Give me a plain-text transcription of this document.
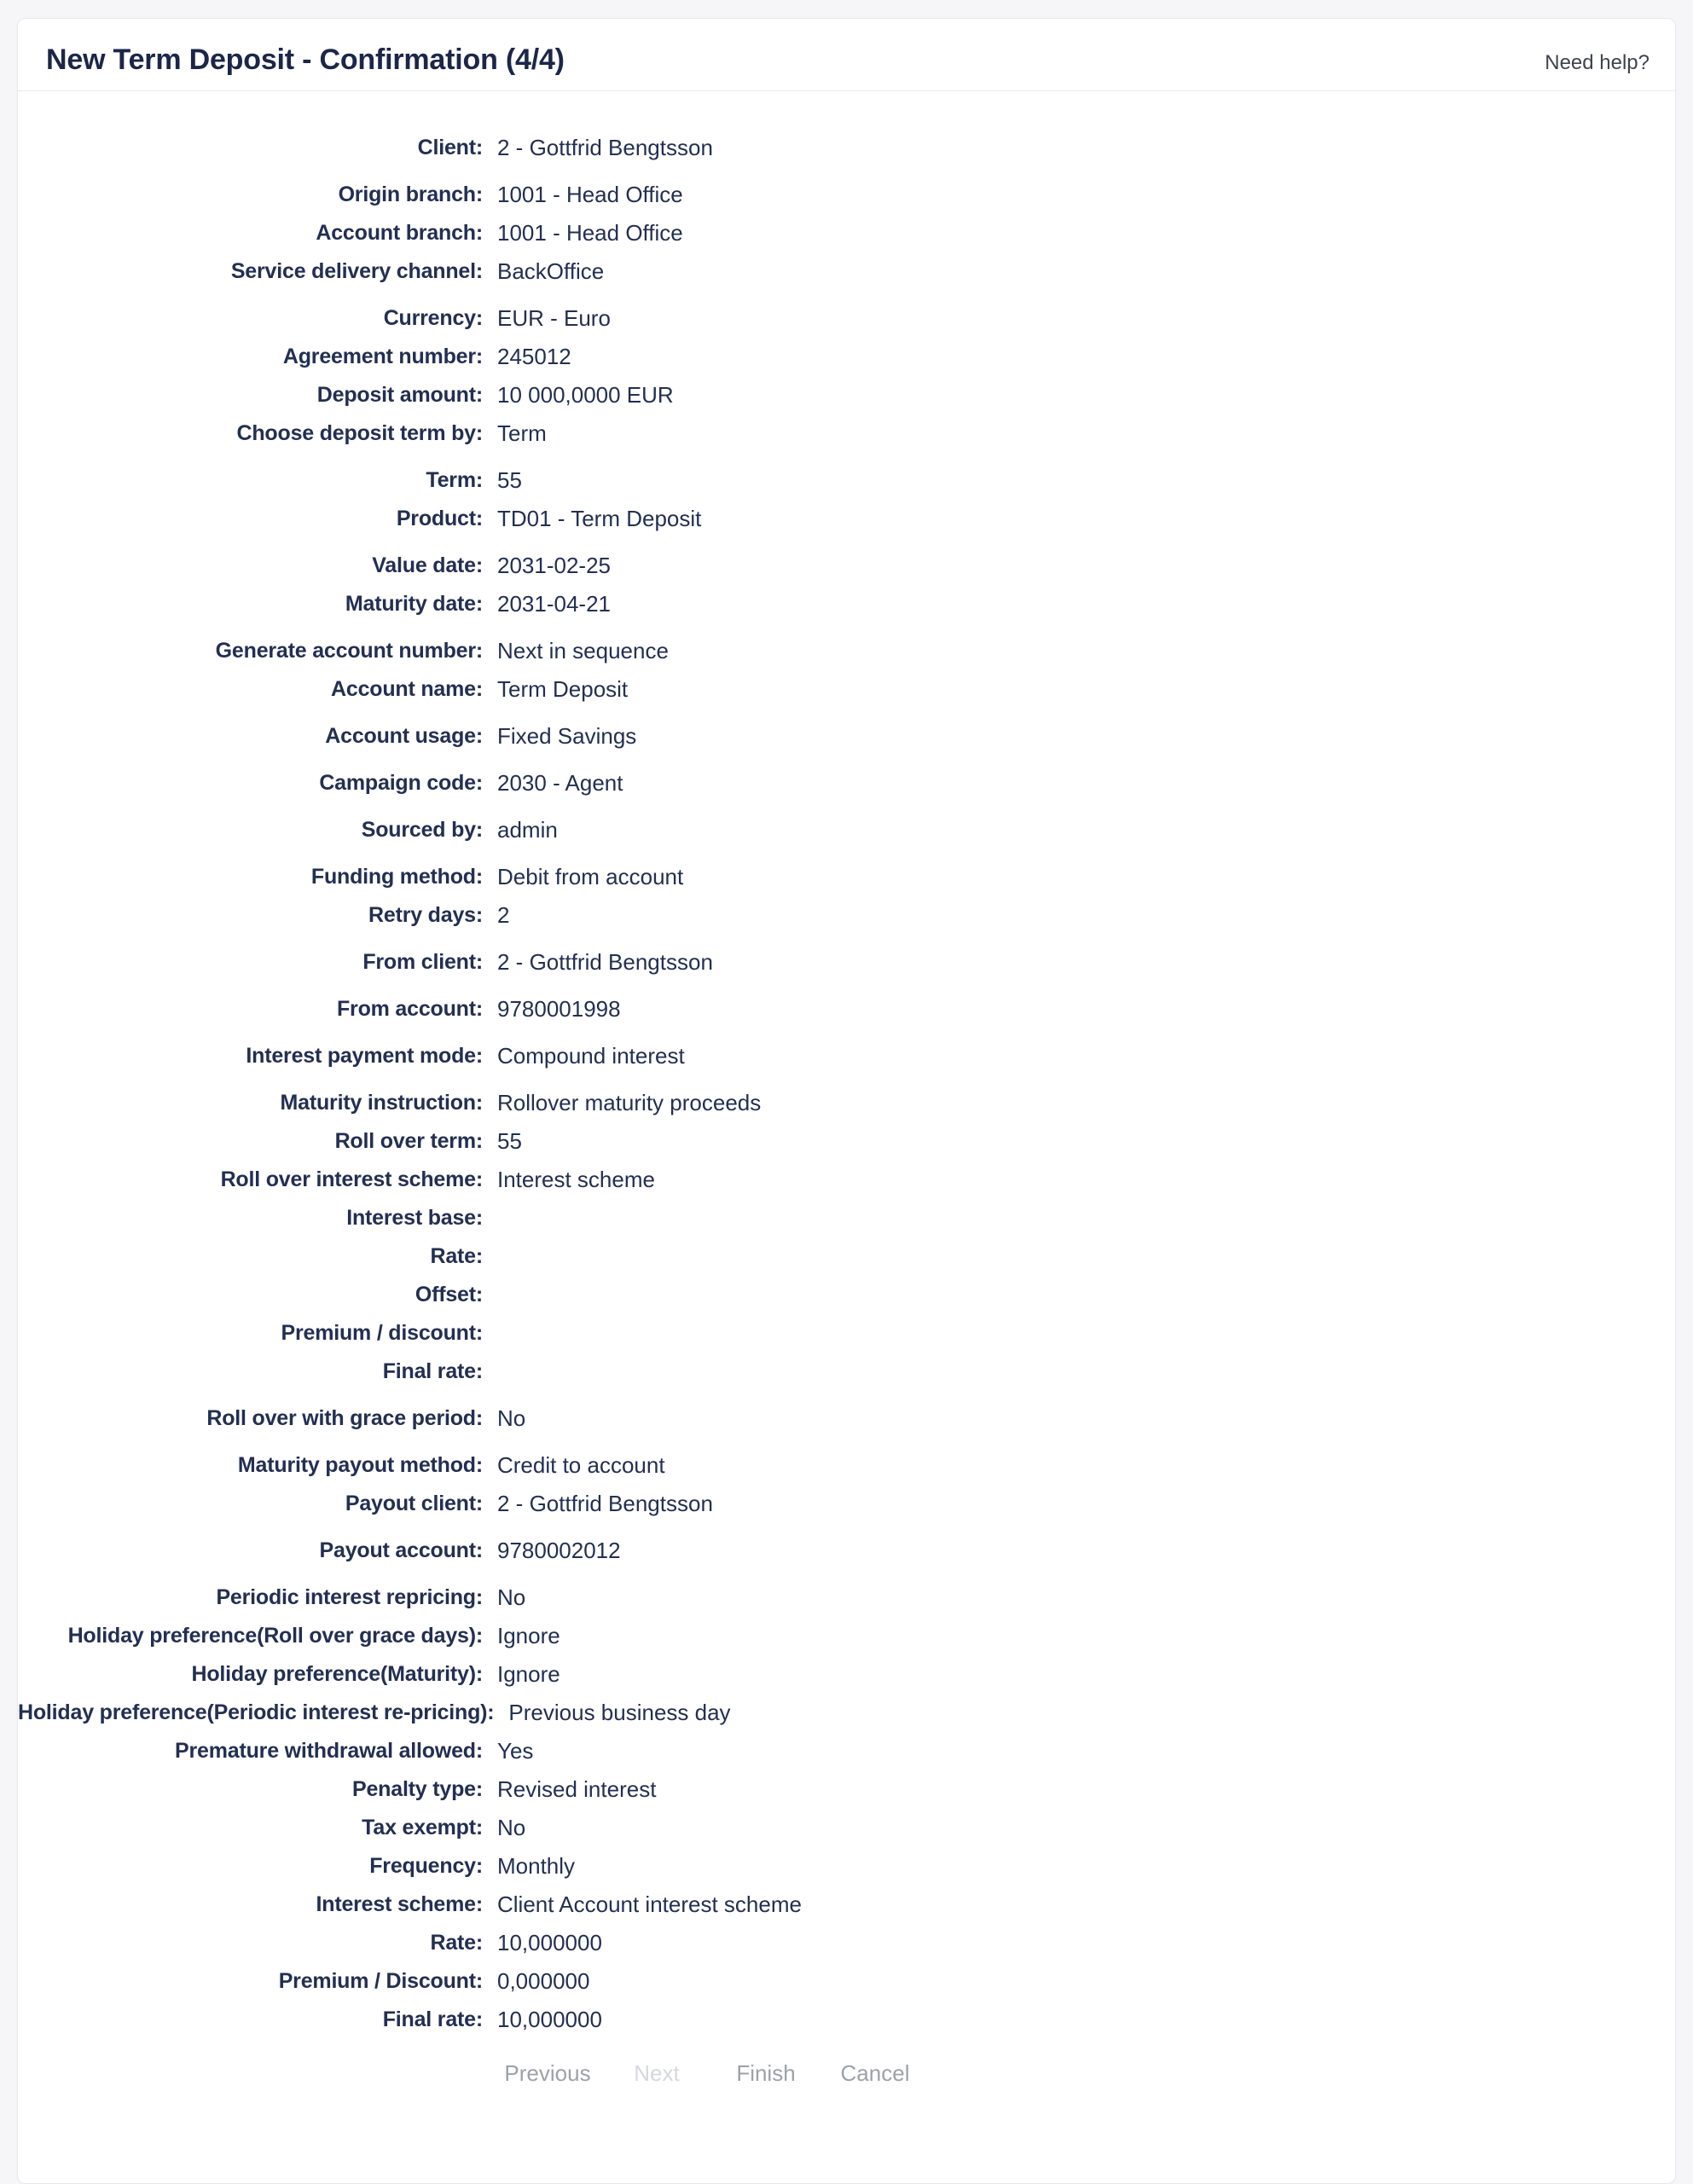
New Term Deposit - Confirmation (4/4)	Need help?
Client: 2 - Gottfrid Bengtsson
Origin branch: 1001 - Head Office
Account branch: 1001 - Head Office
Service delivery channel: BackOffice
Currency: EUR - Euro
Agreement number: 245012
Deposit amount: 10 000,0000 EUR
Choose deposit term by: Term
Term: 55
Product: TD01 - Term Deposit
Value date: 2031-02-25
Maturity date: 2031-04-21
Generate account number: Next in sequence
Account name: Term Deposit
Account usage: Fixed Savings
Campaign code: 2030 - Agent
Sourced by: admin
Funding method: Debit from account
Retry days: 2
From client: 2 - Gottfrid Bengtsson
From account: 9780001998
Interest payment mode: Compound interest
Maturity instruction: Rollover maturity proceeds
Roll over term: 55
Roll over interest scheme: Interest scheme
Interest base:
Rate:
Offset:
Premium / discount:
Final rate:
Roll over with grace period: No
Maturity payout method: Credit to account
Payout client: 2 - Gottfrid Bengtsson
Payout account: 9780002012
Periodic interest repricing: No
Holiday preference(Roll over grace days): Ignore
Holiday preference(Maturity): Ignore
Holiday preference(Periodic interest re-pricing): Previous business day
Premature withdrawal allowed: Yes
Penalty type: Revised interest
Tax exempt: No
Frequency: Monthly
Interest scheme: Client Account interest scheme
Rate: 10,000000
Premium / Discount: 0,000000
Final rate: 10,000000
Previous	Next	Finish	Cancel
